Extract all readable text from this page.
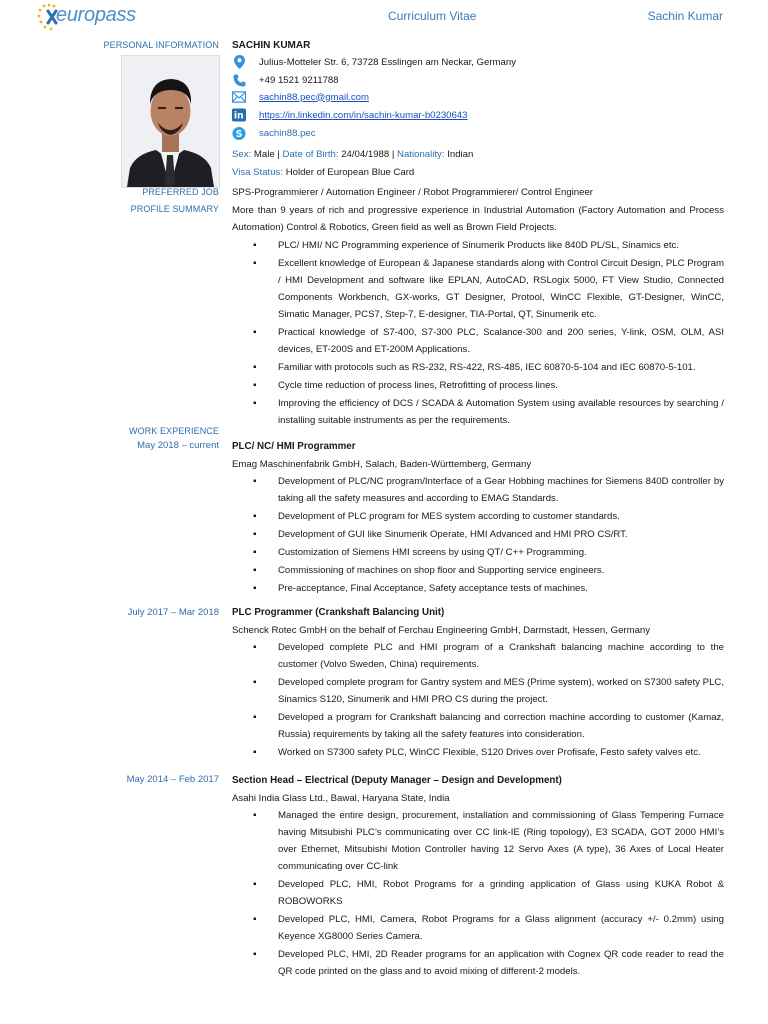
europass	Curriculum Vitae	Sachin Kumar
PERSONAL INFORMATION SACHIN KUMAR
Julius-Motteler Str. 6, 73728 Esslingen am Neckar, Germany
+49 1521 9211788
sachin88.pec@gmail.com
in https://in.linkedin.com/in/sachin-kumar-b0230643
S sachin88.pec
Sex: Male | Date of Birth: 24/04/1988 | Nationality: Indian
Visa Status: Holder of European Blue Card
PREFERRED JOB SPS-Programmierer / Automation Engineer / Robot Programmierer/ Control Engineer
PROFILE SUMMARY More than 9 years of rich and progressive experience in Industrial Automation (Factory Automation and Process Automation) Control & Robotics, Green field as well as Brown Field Projects.
▪ PLC/ HMI/ NC Programming experience of Sinumerik Products like 840D PL/SL, Sinamics etc.
▪ Excellent knowledge of European & Japanese standards along with Control Circuit Design, PLC Program / HMI Development and software like EPLAN, AutoCAD, RSLogix 5000, FT View Studio, Connected Components Workbench, GX-works, GT Designer, Protool, WinCC Flexible, GT-Designer, WinCC, Simatic Manager, PCS7, Step-7, E-designer, TIA-Portal, QT, Sinumerik etc.
▪ Practical knowledge of S7-400, S7-300 PLC, Scalance-300 and 200 series, Y-link, OSM, OLM, ASI devices, ET-200S and ET-200M Applications.
▪ Familiar with protocols such as RS-232, RS-422, RS-485, IEC 60870-5-104 and IEC 60870-5-101.
▪ Cycle time reduction of process lines, Retrofitting of process lines.
▪ Improving the efficiency of DCS / SCADA & Automation System using available resources by searching / installing suitable instruments as per the requirements.
WORK EXPERIENCE
May 2018 – current PLC/ NC/ HMI Programmer
Emag Maschinenfabrik GmbH, Salach, Baden-Württemberg, Germany
▪ Development of PLC/NC program/Interface of a Gear Hobbing machines for Siemens 840D controller by taking all the safety measures and according to EMAG Standards.
▪ Development of PLC program for MES system according to customer standards.
▪ Development of GUI like Sinumerik Operate, HMI Advanced and HMI PRO CS/RT.
▪ Customization of Siemens HMI screens by using QT/ C++ Programming.
▪ Commissioning of machines on shop floor and Supporting service engineers.
▪ Pre-acceptance, Final Acceptance, Safety acceptance tests of machines.
July 2017 – Mar 2018 PLC Programmer (Crankshaft Balancing Unit)
Schenck Rotec GmbH on the behalf of Ferchau Engineering GmbH, Darmstadt, Hessen, Germany
▪ Developed complete PLC and HMI program of a Crankshaft balancing machine according to the customer (Volvo Sweden, China) requirements.
▪ Developed complete program for Gantry system and MES (Prime system), worked on S7300 safety PLC, Sinamics S120, Sinumerik and HMI PRO CS during the project.
▪ Developed a program for Crankshaft balancing and correction machine according to customer (Kamaz, Russia) requirements by taking all the safety features into consideration.
▪ Worked on S7300 safety PLC, WinCC Flexible, S120 Drives over Profisafe, Festo safety valves etc.
May 2014 – Feb 2017 Section Head – Electrical (Deputy Manager – Design and Development)
Asahi India Glass Ltd., Bawal, Haryana State, India
▪ Managed the entire design, procurement, installation and commissioning of Glass Tempering Furnace having Mitsubishi PLC’s communicating over CC link-IE (Ring topology), E3 SCADA, GOT 2000 HMI’s over Ethernet, Mitsubishi Motion Controller having 12 Servo Axes (A type), 36 Axes of Local Heater communicating over CC-link
▪ Developed PLC, HMI, Robot Programs for a grinding application of Glass using KUKA Robot & ROBOWORKS
▪ Developed PLC, HMI, Camera, Robot Programs for a Glass alignment (accuracy +/- 0.2mm) using Keyence XG8000 Series Camera.
▪ Developed PLC, HMI, 2D Reader programs for an application with Cognex QR code reader to read the QR code printed on the glass and to avoid mixing of different-2 models.
